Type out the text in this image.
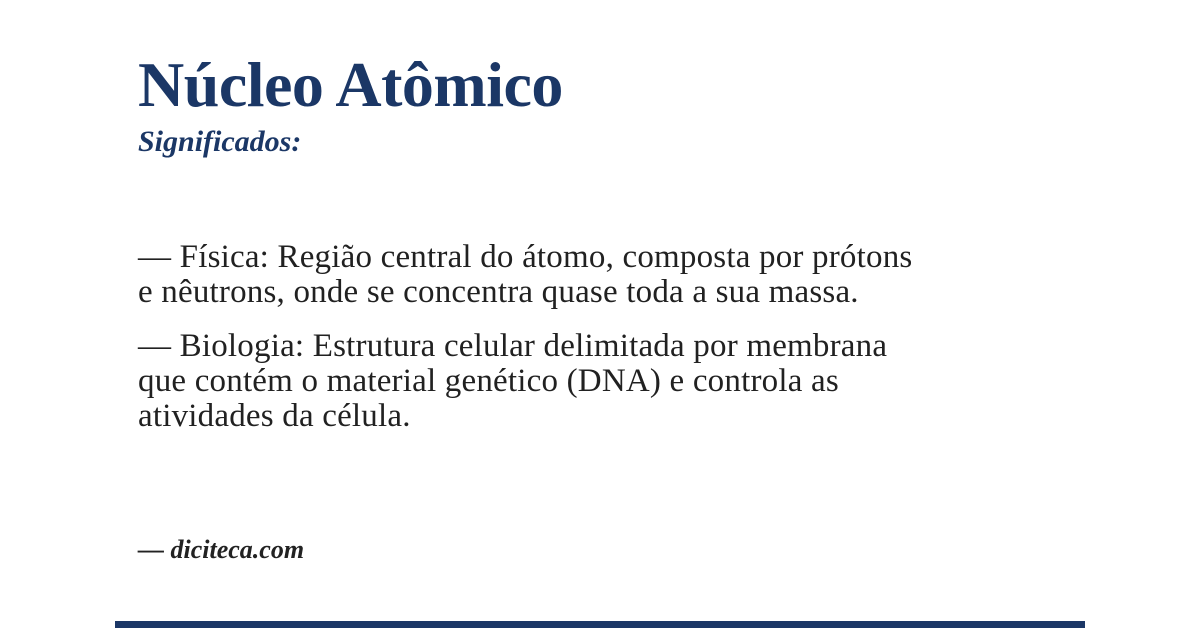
Núcleo Atômico
Significados:

— Física: Região central do átomo, composta por prótons
e nêutrons, onde se concentra quase toda a sua massa.

— Biologia: Estrutura celular delimitada por membrana
que contém o material genético (DNA) e controla as
atividades da célula.

— diciteca.com
